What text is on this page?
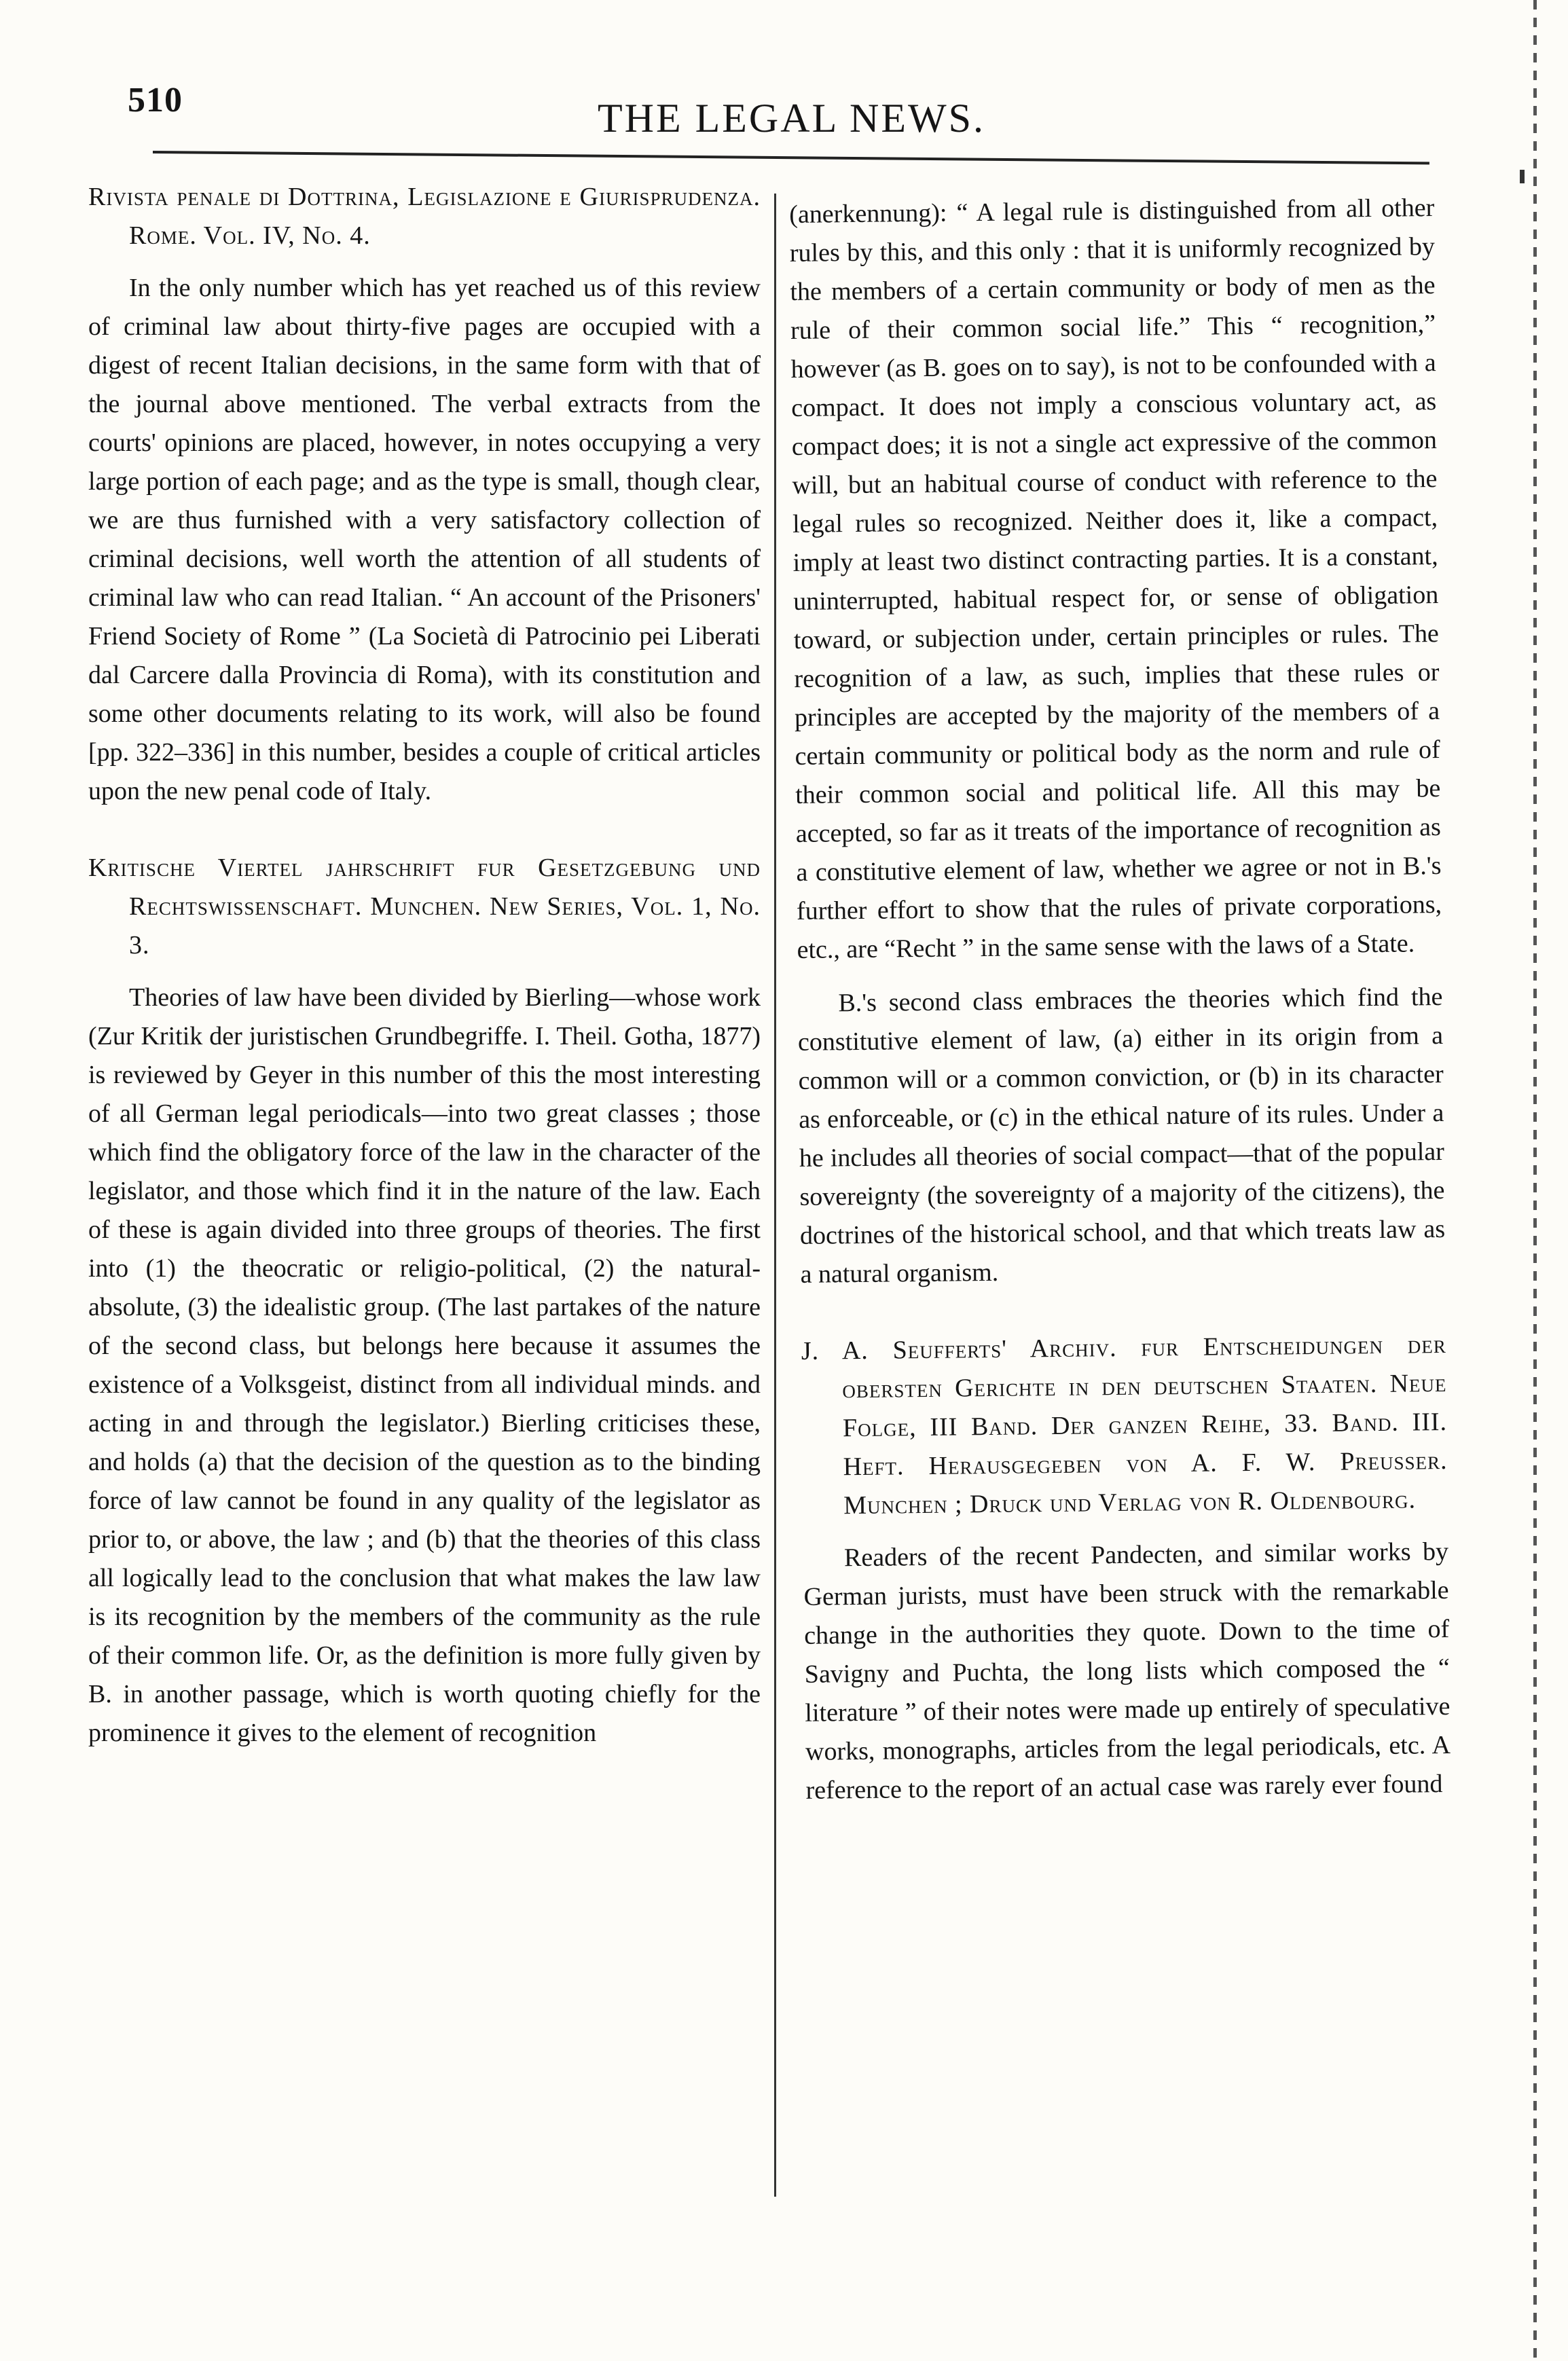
510	THE LEGAL NEWS.

Rivista penale di Dottrina, Legislazione e Giurisprudenza. Rome. Vol. IV, No. 4.

In the only number which has yet reached us of this review of criminal law about thirty-five pages are occupied with a digest of recent Italian decisions, in the same form with that of the journal above mentioned. The verbal extracts from the courts' opinions are placed, however, in notes occupying a very large portion of each page; and as the type is small, though clear, we are thus furnished with a very satisfactory collection of criminal decisions, well worth the attention of all students of criminal law who can read Italian. “ An account of the Prisoners' Friend Society of Rome ” (La Società di Patrocinio pei Liberati dal Carcere dalla Provincia di Roma), with its constitution and some other documents relating to its work, will also be found [pp. 322–336] in this number, besides a couple of critical articles upon the new penal code of Italy.

Kritische Viertel jahrschrift fur Gesetzgebung und Rechtswissenschaft. Munchen. New Series, Vol. 1, No. 3.

Theories of law have been divided by Bierling—whose work (Zur Kritik der juristischen Grundbegriffe. I. Theil. Gotha, 1877) is reviewed by Geyer in this number of this the most interesting of all German legal periodicals—into two great classes ; those which find the obligatory force of the law in the character of the legislator, and those which find it in the nature of the law. Each of these is again divided into three groups of theories. The first into (1) the theocratic or religio-political, (2) the natural-absolute, (3) the idealistic group. (The last partakes of the nature of the second class, but belongs here because it assumes the existence of a Volksgeist, distinct from all individual minds. and acting in and through the legislator.) Bierling criticises these, and holds (a) that the decision of the question as to the binding force of law cannot be found in any quality of the legislator as prior to, or above, the law ; and (b) that the theories of this class all logically lead to the conclusion that what makes the law law is its recognition by the members of the community as the rule of their common life. Or, as the definition is more fully given by B. in another passage, which is worth quoting chiefly for the prominence it gives to the element of recognition

(anerkennung): “ A legal rule is distinguished from all other rules by this, and this only : that it is uniformly recognized by the members of a certain community or body of men as the rule of their common social life.” This “ recognition,” however (as B. goes on to say), is not to be confounded with a compact. It does not imply a conscious voluntary act, as compact does; it is not a single act expressive of the common will, but an habitual course of conduct with reference to the legal rules so recognized. Neither does it, like a compact, imply at least two distinct contracting parties. It is a constant, uninterrupted, habitual respect for, or sense of obligation toward, or subjection under, certain principles or rules. The recognition of a law, as such, implies that these rules or principles are accepted by the majority of the members of a certain community or political body as the norm and rule of their common social and political life. All this may be accepted, so far as it treats of the importance of recognition as a constitutive element of law, whether we agree or not in B.'s further effort to show that the rules of private corporations, etc., are “Recht ” in the same sense with the laws of a State.

B.'s second class embraces the theories which find the constitutive element of law, (a) either in its origin from a common will or a common conviction, or (b) in its character as enforceable, or (c) in the ethical nature of its rules. Under a he includes all theories of social compact—that of the popular sovereignty (the sovereignty of a majority of the citizens), the doctrines of the historical school, and that which treats law as a natural organism.

J. A. Seufferts' Archiv. fur Entscheidungen der obersten Gerichte in den deutschen Staaten. Neue Folge, III Band. Der ganzen Reihe, 33. Band. III. Heft. Herausgegeben von A. F. W. Preusser. Munchen ; Druck und Verlag von R. Oldenbourg.

Readers of the recent Pandecten, and similar works by German jurists, must have been struck with the remarkable change in the authorities they quote. Down to the time of Savigny and Puchta, the long lists which composed the “ literature ” of their notes were made up entirely of speculative works, monographs, articles from the legal periodicals, etc. A reference to the report of an actual case was rarely ever found
